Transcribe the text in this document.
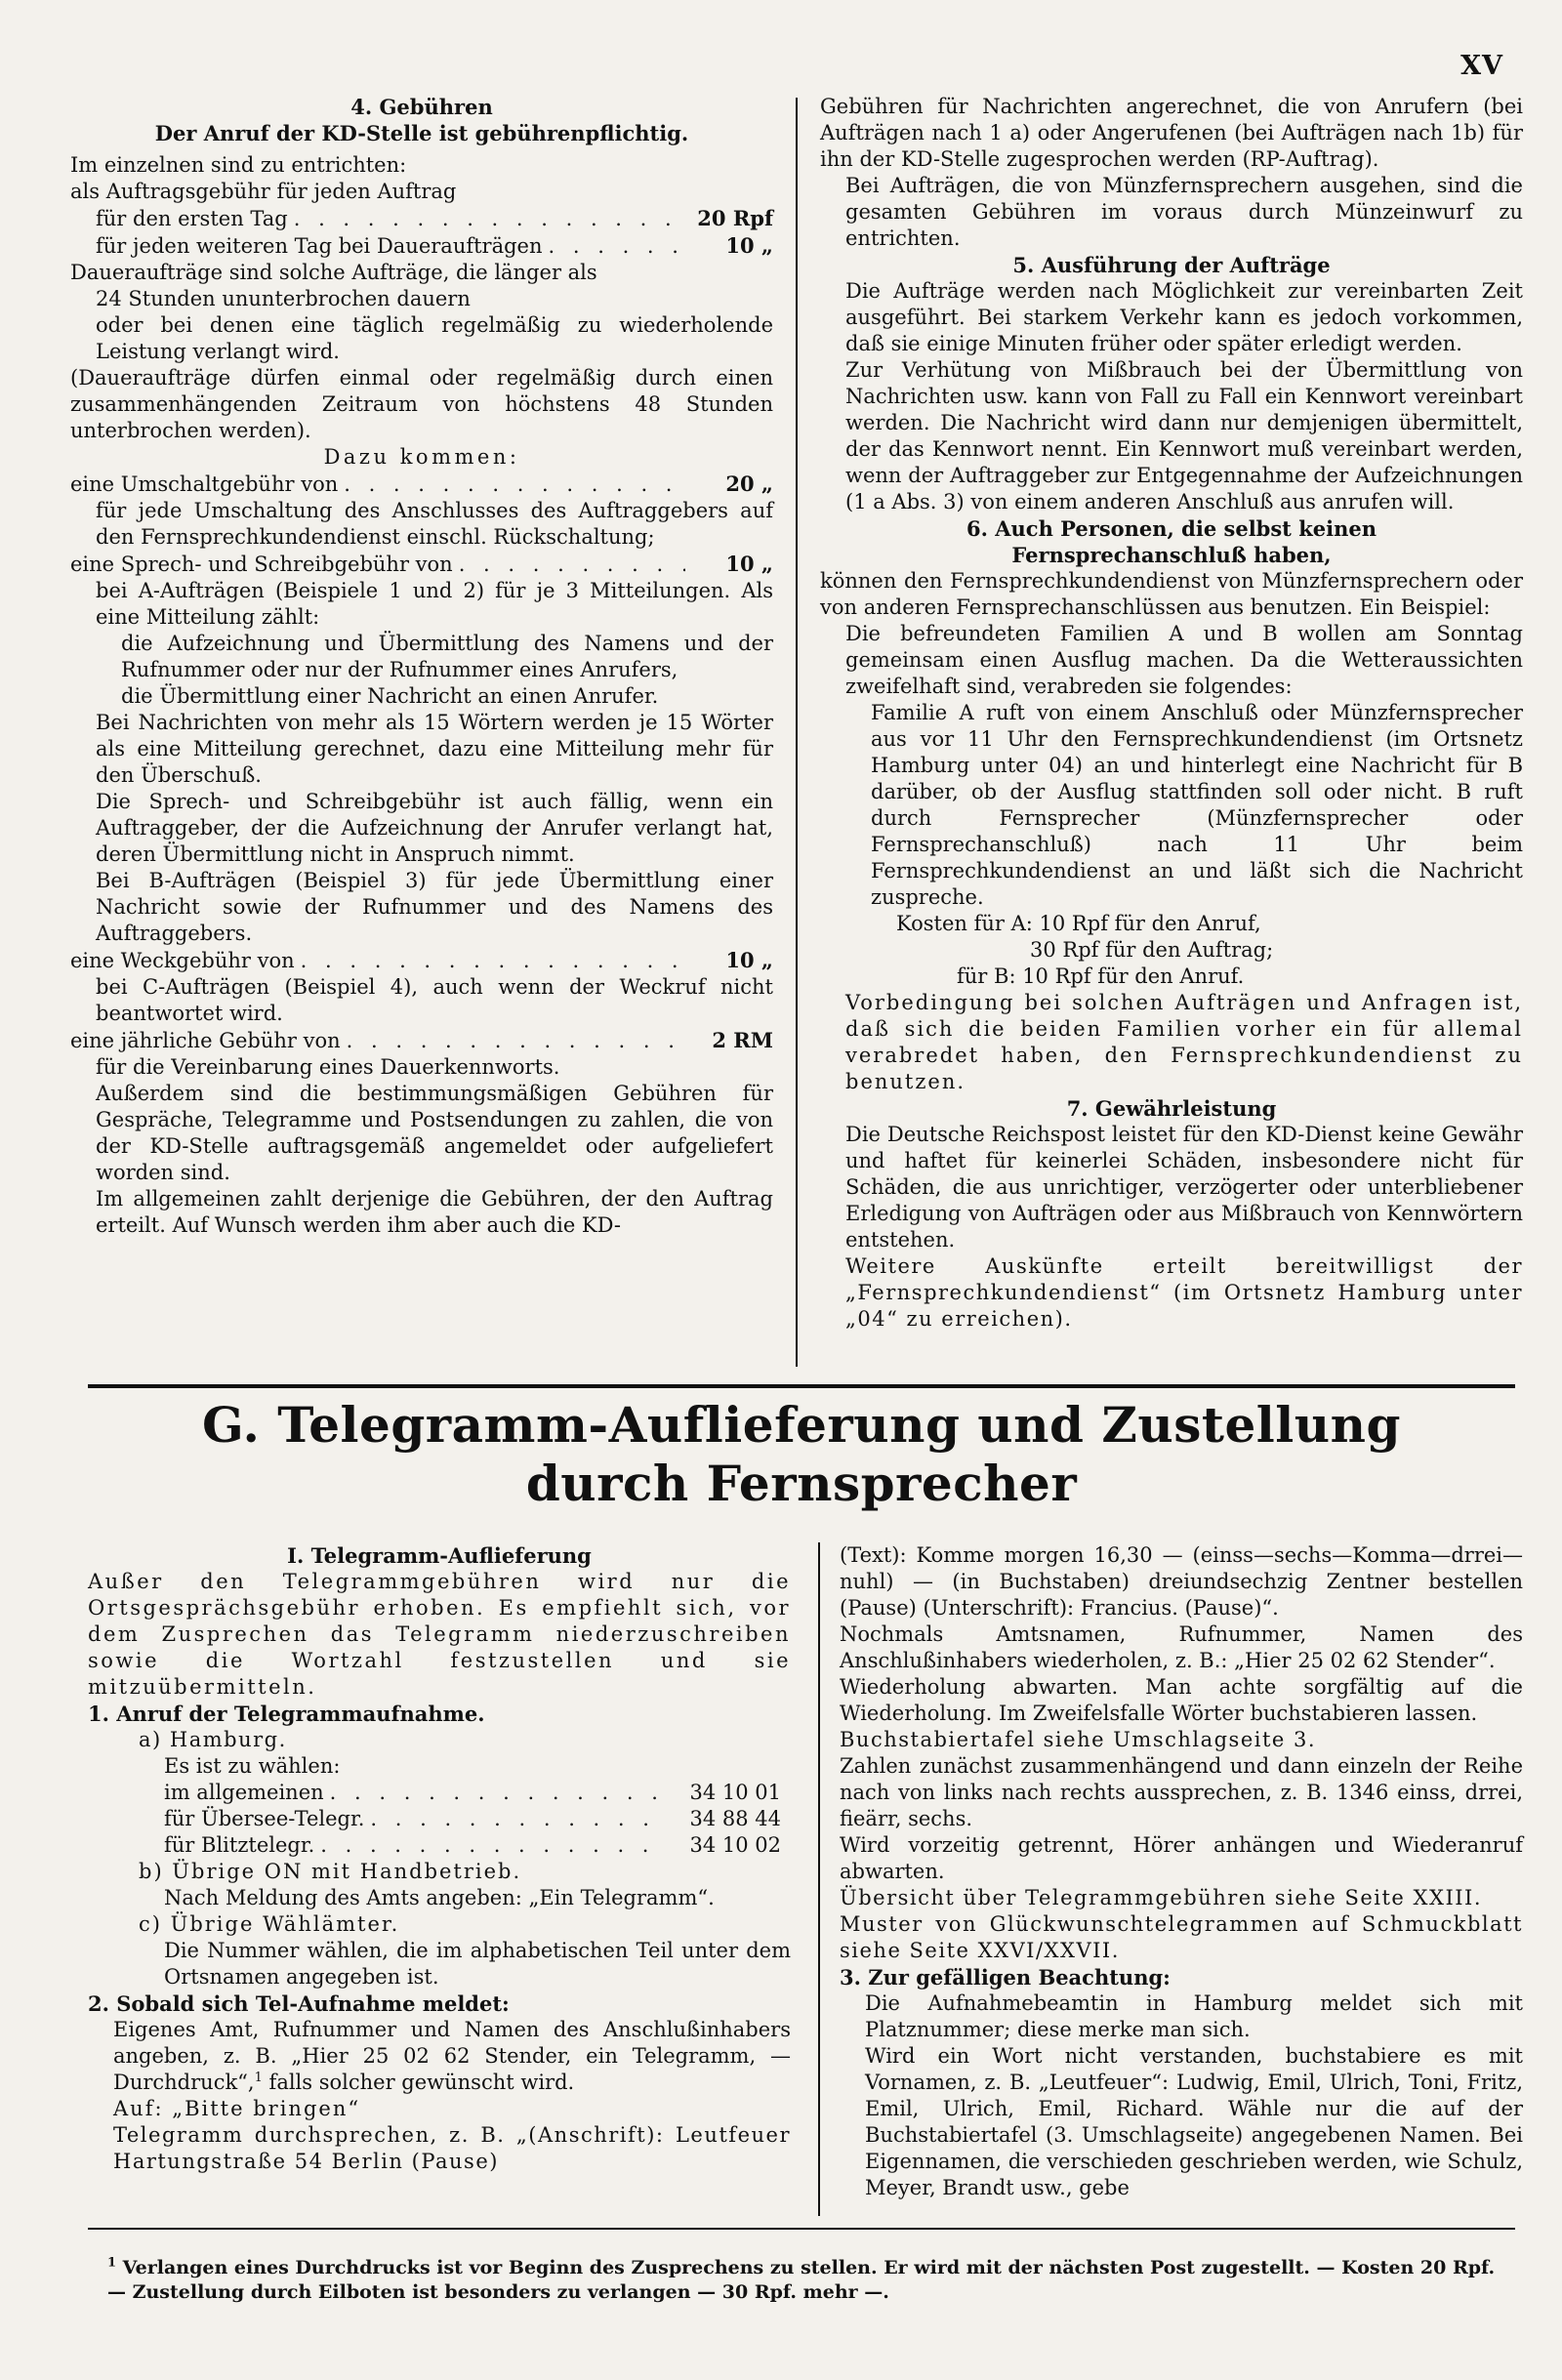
XV

4. Gebühren

Der Anruf der KD-Stelle ist gebührenpflichtig.

Im einzelnen sind zu entrichten:

als Auftragsgebühr für jeden Auftrag

für den ersten Tag . . .	20 Rpf
für jeden weiteren Tag bei Daueraufträgen . . .	10 „

Daueraufträge sind solche Aufträge, die länger als

24 Stunden ununterbrochen dauern

oder bei denen eine täglich regelmäßig zu wiederholende Leistung verlangt wird.

(Daueraufträge dürfen einmal oder regelmäßig durch einen zusammenhängenden Zeitraum von höchstens 48 Stunden unterbrochen werden).

Dazu kommen:

eine Umschaltgebühr von . . .	20 „

für jede Umschaltung des Anschlusses des Auftraggebers auf den Fernsprechkundendienst einschl. Rückschaltung;

eine Sprech- und Schreibgebühr von . . .	10 „

bei A-Aufträgen (Beispiele 1 und 2) für je 3 Mitteilungen. Als eine Mitteilung zählt:

die Aufzeichnung und Übermittlung des Namens und der Rufnummer oder nur der Rufnummer eines Anrufers,

die Übermittlung einer Nachricht an einen Anrufer.

Bei Nachrichten von mehr als 15 Wörtern werden je 15 Wörter als eine Mitteilung gerechnet, dazu eine Mitteilung mehr für den Überschuß.

Die Sprech- und Schreibgebühr ist auch fällig, wenn ein Auftraggeber, der die Aufzeichnung der Anrufer verlangt hat, deren Übermittlung nicht in Anspruch nimmt.

Bei B-Aufträgen (Beispiel 3) für jede Übermittlung einer Nachricht sowie der Rufnummer und des Namens des Auftraggebers.

eine Weckgebühr von . . .	10 „

bei C-Aufträgen (Beispiel 4), auch wenn der Weckruf nicht beantwortet wird.

eine jährliche Gebühr von . . .	2 RM

für die Vereinbarung eines Dauerkennworts.

Außerdem sind die bestimmungsmäßigen Gebühren für Gespräche, Telegramme und Postsendungen zu zahlen, die von der KD-Stelle auftragsgemäß angemeldet oder aufgeliefert worden sind.

Im allgemeinen zahlt derjenige die Gebühren, der den Auftrag erteilt. Auf Wunsch werden ihm aber auch die KD-

Gebühren für Nachrichten angerechnet, die von Anrufern (bei Aufträgen nach 1 a) oder Angerufenen (bei Aufträgen nach 1b) für ihn der KD-Stelle zugesprochen werden (RP-Auftrag).

Bei Aufträgen, die von Münzfernsprechern ausgehen, sind die gesamten Gebühren im voraus durch Münzeinwurf zu entrichten.

5. Ausführung der Aufträge

Die Aufträge werden nach Möglichkeit zur vereinbarten Zeit ausgeführt. Bei starkem Verkehr kann es jedoch vorkommen, daß sie einige Minuten früher oder später erledigt werden.

Zur Verhütung von Mißbrauch bei der Übermittlung von Nachrichten usw. kann von Fall zu Fall ein Kennwort vereinbart werden. Die Nachricht wird dann nur demjenigen übermittelt, der das Kennwort nennt. Ein Kennwort muß vereinbart werden, wenn der Auftraggeber zur Entgegennahme der Aufzeichnungen (1 a Abs. 3) von einem anderen Anschluß aus anrufen will.

6. Auch Personen, die selbst keinen

Fernsprechanschluß haben,

können den Fernsprechkundendienst von Münzfernsprechern oder von anderen Fernsprechanschlüssen aus benutzen. Ein Beispiel:

Die befreundeten Familien A und B wollen am Sonntag gemeinsam einen Ausflug machen. Da die Wetteraussichten zweifelhaft sind, verabreden sie folgendes:

Familie A ruft von einem Anschluß oder Münzfernsprecher aus vor 11 Uhr den Fernsprechkundendienst (im Ortsnetz Hamburg unter 04) an und hinterlegt eine Nachricht für B darüber, ob der Ausflug stattfinden soll oder nicht. B ruft durch Fernsprecher (Münzfernsprecher oder Fernsprechanschluß) nach 11 Uhr beim Fernsprechkundendienst an und läßt sich die Nachricht zuspreche.

Kosten für A: 10 Rpf für den Anruf,

30 Rpf für den Auftrag;

für B: 10 Rpf für den Anruf.

Vorbedingung bei solchen Aufträgen und Anfragen ist, daß sich die beiden Familien vorher ein für allemal verabredet haben, den Fernsprechkundendienst zu benutzen.

7. Gewährleistung

Die Deutsche Reichspost leistet für den KD-Dienst keine Gewähr und haftet für keinerlei Schäden, insbesondere nicht für Schäden, die aus unrichtiger, verzögerter oder unterbliebener Erledigung von Aufträgen oder aus Mißbrauch von Kennwörtern entstehen.

Weitere Auskünfte erteilt bereitwilligst der „Fernsprechkundendienst“ (im Ortsnetz Hamburg unter „04“ zu erreichen).

G. Telegramm-Auflieferung und Zustellung
durch Fernsprecher

I. Telegramm-Auflieferung

Außer den Telegrammgebühren wird nur die Ortsgesprächsgebühr erhoben. Es empfiehlt sich, vor dem Zusprechen das Telegramm niederzuschreiben sowie die Wortzahl festzustellen und sie mitzuübermitteln.

1. Anruf der Telegrammaufnahme.

a) Hamburg.

Es ist zu wählen:

im allgemeinen . . .	34 10 01
für Übersee-Telegr. . . .	34 88 44
für Blitztelegr. . . .	34 10 02

b) Übrige ON mit Handbetrieb.

Nach Meldung des Amts angeben: „Ein Telegramm“.

c) Übrige Wählämter.

Die Nummer wählen, die im alphabetischen Teil unter dem Ortsnamen angegeben ist.

2. Sobald sich Tel-Aufnahme meldet:

Eigenes Amt, Rufnummer und Namen des Anschlußinhabers angeben, z. B. „Hier 25 02 62 Stender, ein Telegramm, — Durchdruck“,$^1$ falls solcher gewünscht wird.

Auf: „Bitte bringen“

Telegramm durchsprechen, z. B. „(Anschrift): Leutfeuer Hartungstraße 54 Berlin (Pause)

(Text): Komme morgen 16,30 — (einss—sechs—Komma—drrei—nuhl) — (in Buchstaben) dreiundsechzig Zentner bestellen (Pause) (Unterschrift): Francius. (Pause)“.

Nochmals Amtsnamen, Rufnummer, Namen des Anschlußinhabers wiederholen, z. B.: „Hier 25 02 62 Stender“.

Wiederholung abwarten. Man achte sorgfältig auf die Wiederholung. Im Zweifelsfalle Wörter buchstabieren lassen.

Buchstabiertafel siehe Umschlagseite 3.

Zahlen zunächst zusammenhängend und dann einzeln der Reihe nach von links nach rechts aussprechen, z. B. 1346 einss, drrei, fieärr, sechs.

Wird vorzeitig getrennt, Hörer anhängen und Wiederanruf abwarten.

Übersicht über Telegrammgebühren siehe Seite XXIII.

Muster von Glückwunschtelegrammen auf Schmuckblatt siehe Seite XXVI/XXVII.

3. Zur gefälligen Beachtung:

Die Aufnahmebeamtin in Hamburg meldet sich mit Platznummer; diese merke man sich.

Wird ein Wort nicht verstanden, buchstabiere es mit Vornamen, z. B. „Leutfeuer“: Ludwig, Emil, Ulrich, Toni, Fritz, Emil, Ulrich, Emil, Richard. Wähle nur die auf der Buchstabiertafel (3. Umschlagseite) angegebenen Namen. Bei Eigennamen, die verschieden geschrieben werden, wie Schulz, Meyer, Brandt usw., gebe

$^1$ Verlangen eines Durchdrucks ist vor Beginn des Zusprechens zu stellen. Er wird mit der nächsten Post zugestellt. — Kosten 20 Rpf. — Zustellung durch Eilboten ist besonders zu verlangen — 30 Rpf. mehr —.
